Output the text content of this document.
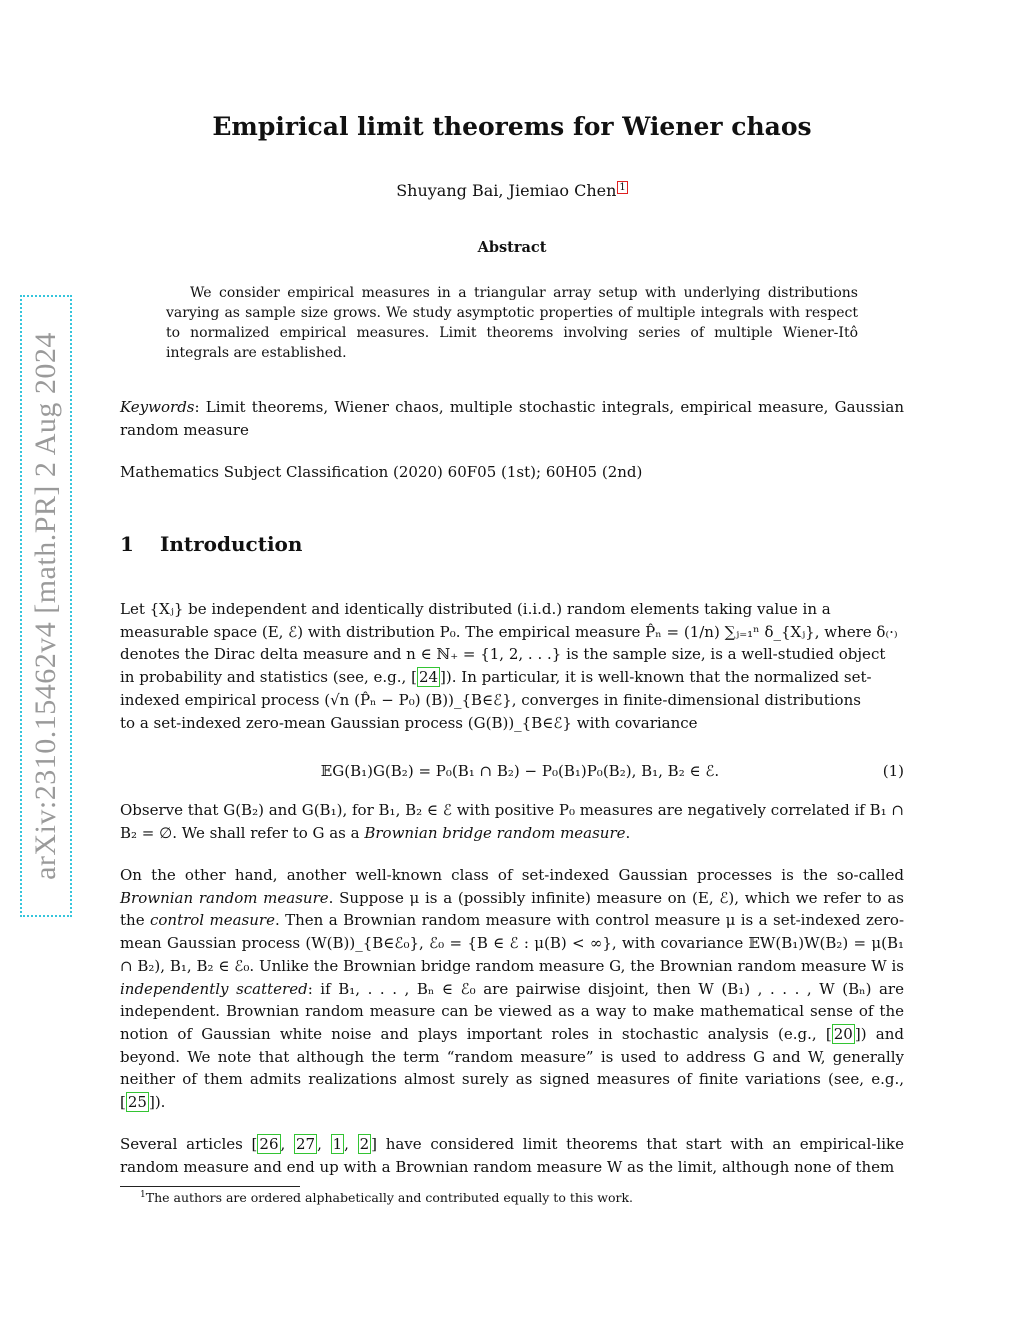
arXiv:2310.15462v4 [math.PR] 2 Aug 2024
Empirical limit theorems for Wiener chaos
Shuyang Bai, Jiemiao Chen $^1$
Abstract

We consider empirical measures in a triangular array setup with underlying distributions varying as sample size grows. We study asymptotic properties of multiple integrals with respect to normalized empirical measures. Limit theorems involving series of multiple Wiener-Itô integrals are established.

Keywords: Limit theorems, Wiener chaos, multiple stochastic integrals, empirical measure, Gaussian random measure

Mathematics Subject Classification (2020) 60F05 (1st); 60H05 (2nd)

1 Introduction

Let {Xⱼ} be independent and identically distributed (i.i.d.) random elements taking value in a
measurable space (E, ℰ) with distribution P₀. The empirical measure P̂ₙ = (1/n) ∑ⱼ₌₁ⁿ δ_{Xⱼ}, where δ₍·₎
denotes the Dirac delta measure and n ∈ ℕ₊ = {1, 2, . . .} is the sample size, is a well-studied object
in probability and statistics (see, e.g., [ 24 ]). In particular, it is well-known that the normalized set-
indexed empirical process (√n (P̂ₙ − P₀) (B))_{B∈ℰ}, converges in finite-dimensional distributions
to a set-indexed zero-mean Gaussian process (G(B))_{B∈ℰ} with covariance

𝔼G(B₁)G(B₂) = P₀(B₁ ∩ B₂) − P₀(B₁)P₀(B₂), B₁, B₂ ∈ ℰ.	(1)

Observe that G(B₂) and G(B₁), for B₁, B₂ ∈ ℰ with positive P₀ measures are negatively correlated if B₁ ∩ B₂ = ∅. We shall refer to G as a Brownian bridge random measure.

On the other hand, another well-known class of set-indexed Gaussian processes is the so-called Brownian random measure. Suppose μ is a (possibly infinite) measure on (E, ℰ), which we refer to as the control measure. Then a Brownian random measure with control measure μ is a set-indexed zero-mean Gaussian process (W(B))_{B∈ℰ₀}, ℰ₀ = {B ∈ ℰ : μ(B) < ∞}, with covariance 𝔼W(B₁)W(B₂) = μ(B₁ ∩ B₂), B₁, B₂ ∈ ℰ₀. Unlike the Brownian bridge random measure G, the Brownian random measure W is independently scattered: if B₁, . . . , Bₙ ∈ ℰ₀ are pairwise disjoint, then W (B₁) , . . . , W (Bₙ) are independent. Brownian random measure can be viewed as a way to make mathematical sense of the notion of Gaussian white noise and plays important roles in stochastic analysis (e.g., [ 20 ]) and beyond. We note that although the term “random measure” is used to address G and W, generally neither of them admits realizations almost surely as signed measures of finite variations (see, e.g., [ 25 ]).

Several articles [ 26 , 27 , 1 , 2 ] have considered limit theorems that start with an empirical-like random measure and end up with a Brownian random measure W as the limit, although none of them

$^1$The authors are ordered alphabetically and contributed equally to this work.
